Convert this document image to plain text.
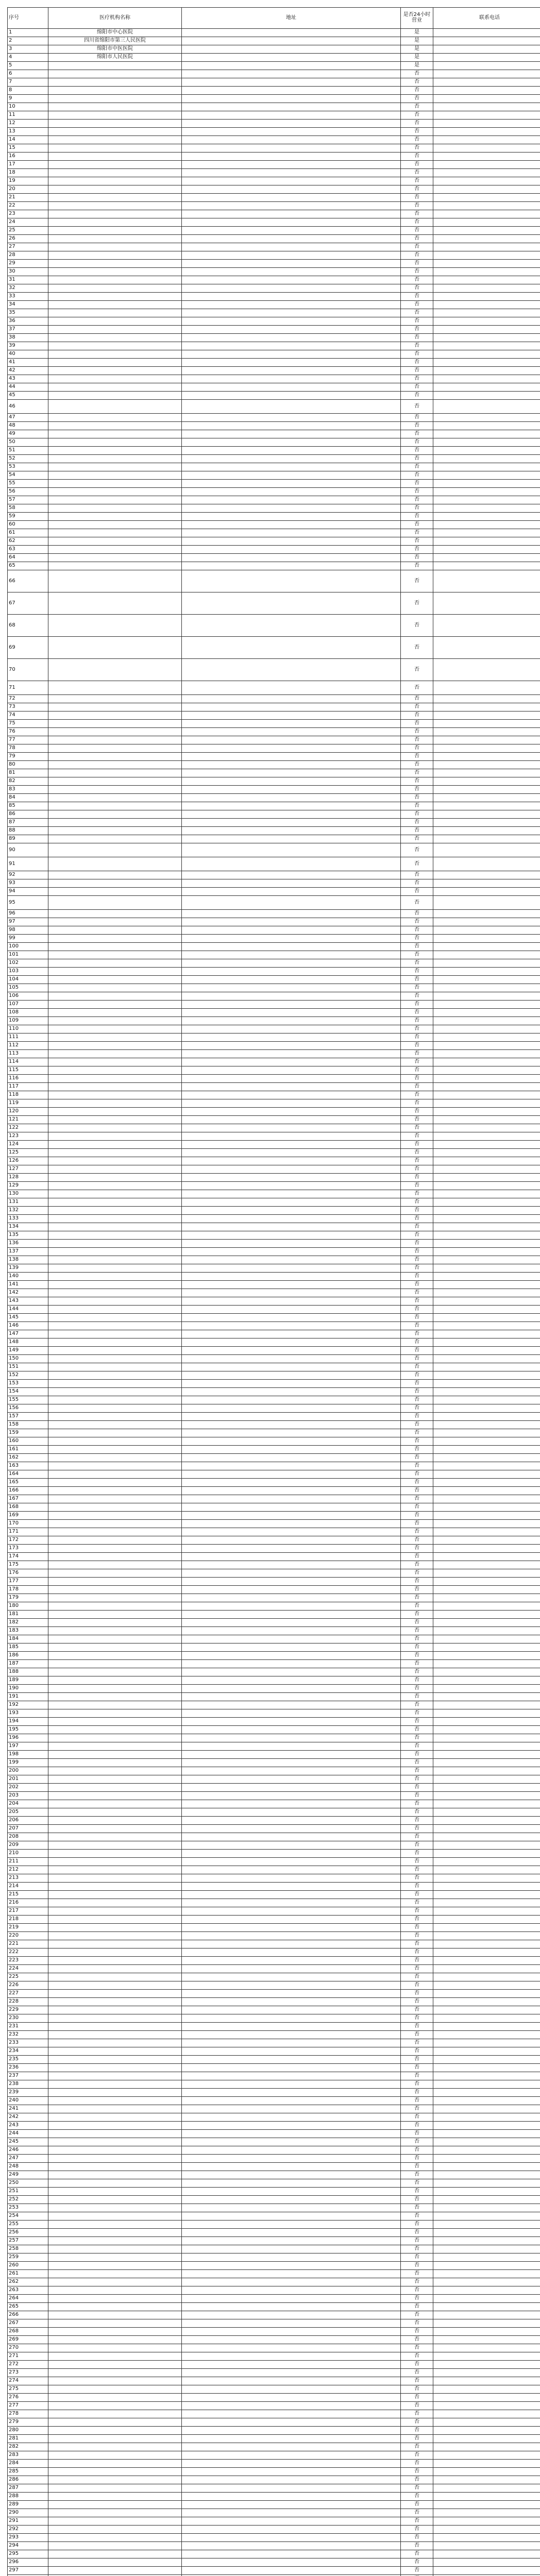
序号	医疗机构名称	地址	是否24小时营业	联系电话
1	绵阳市中心医院		是	
2	四川省绵阳市第三人民医院		是	
3	绵阳市中医医院		是	
4	绵阳市人民医院		是	
5			是	
6			否	
7			否	
8			否	
9			否	
10			否	
11			否	
12			否	
13			否	
14			否	
15			否	
16			否	
17			否	
18			否	
19			否	
20			否	
21			否	
22			否	
23			否	
24			否	
25			否	
26			否	
27			否	
28			否	
29			否	
30			否	
31			否	
32			否	
33			否	
34			否	
35			否	
36			否	
37			否	
38			否	
39			否	
40			否	
41			否	
42			否	
43			否	
44			否	
45			否	
46			否	
47			否	
48			否	
49			否	
50			否	
51			否	
52			否	
53			否	
54			否	
55			否	
56			否	
57			否	
58			否	
59			否	
60			否	
61			否	
62			否	
63			否	
64			否	
65			否	
66			否	
67			否	
68			否	
69			否	
70			否	
71			否	
72			否	
73			否	
74			否	
75			否	
76			否	
77			否	
78			否	
79			否	
80			否	
81			否	
82			否	
83			否	
84			否	
85			否	
86			否	
87			否	
88			否	
89			否	
90			否	
91			否	
92			否	
93			否	
94			否	
95			否	
96			否	
97			否	
98			否	
99			否	
100			否	
101			否	
102			否	
103			否	
104			否	
105			否	
106			否	
107			否	
108			否	
109			否	
110			否	
111			否	
112			否	
113			否	
114			否	
115			否	
116			否	
117			否	
118			否	
119			否	
120			否	
121			否	
122			否	
123			否	
124			否	
125			否	
126			否	
127			否	
128			否	
129			否	
130			否	
131			否	
132			否	
133			否	
134			否	
135			否	
136			否	
137			否	
138			否	
139			否	
140			否	
141			否	
142			否	
143			否	
144			否	
145			否	
146			否	
147			否	
148			否	
149			否	
150			否	
151			否	
152			否	
153			否	
154			否	
155			否	
156			否	
157			否	
158			否	
159			否	
160			否	
161			否	
162			否	
163			否	
164			否	
165			否	
166			否	
167			否	
168			否	
169			否	
170			否	
171			否	
172			否	
173			否	
174			否	
175			否	
176			否	
177			否	
178			否	
179			否	
180			否	
181			否	
182			否	
183			否	
184			否	
185			否	
186			否	
187			否	
188			否	
189			否	
190			否	
191			否	
192			否	
193			否	
194			否	
195			否	
196			否	
197			否	
198			否	
199			否	
200			否	
201			否	
202			否	
203			否	
204			否	
205			否	
206			否	
207			否	
208			否	
209			否	
210			否	
211			否	
212			否	
213			否	
214			否	
215			否	
216			否	
217			否	
218			否	
219			否	
220			否	
221			否	
222			否	
223			否	
224			否	
225			否	
226			否	
227			否	
228			否	
229			否	
230			否	
231			否	
232			否	
233			否	
234			否	
235			否	
236			否	
237			否	
238			否	
239			否	
240			否	
241			否	
242			否	
243			否	
244			否	
245			否	
246			否	
247			否	
248			否	
249			否	
250			否	
251			否	
252			否	
253			否	
254			否	
255			否	
256			否	
257			否	
258			否	
259			否	
260			否	
261			否	
262			否	
263			否	
264			否	
265			否	
266			否	
267			否	
268			否	
269			否	
270			否	
271			否	
272			否	
273			否	
274			否	
275			否	
276			否	
277			否	
278			否	
279			否	
280			否	
281			否	
282			否	
283			否	
284			否	
285			否	
286			否	
287			否	
288			否	
289			否	
290			否	
291			否	
292			否	
293			否	
294			否	
295			否	
296			否	
297			否	
